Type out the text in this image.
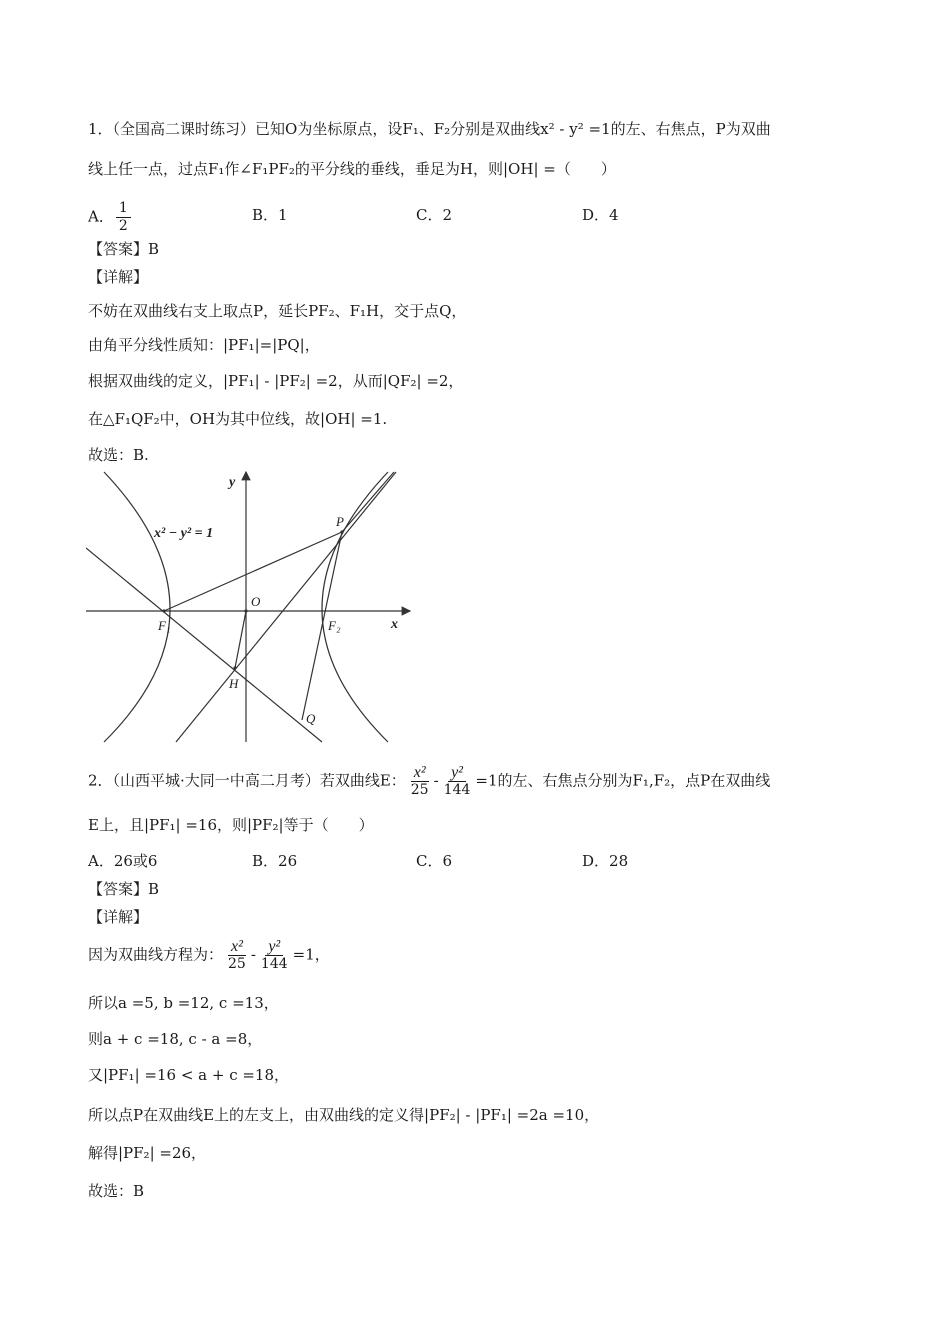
1．（全国高二课时练习）已知O为坐标原点，设F₁、F₂分别是双曲线x² - y² =1的左、右焦点，P为双曲
线上任一点，过点F₁作∠F₁PF₂的平分线的垂线，垂足为H，则|OH| =（　　）
A． $\frac{1}{2}$	B．1	C．2	D．4
【答案】B
【详解】
不妨在双曲线右支上取点P，延长PF₂、F₁H，交于点Q，
由角平分线性质知：|PF₁|=|PQ|，
根据双曲线的定义，|PF₁| - |PF₂| =2，从而|QF₂| =2，
在△F₁QF₂中，OH为其中位线，故|OH| =1.
故选：B.
x² − y² = 1
y
x
O
P
F₁	F₂
H
Q
2．（山西平城·大同一中高二月考）若双曲线E： $\frac{\text{x²}}{25} - \frac{\text{y²}}{144} =1$的左、右焦点分别为F₁,F₂，点P在双曲线
E上，且|PF₁| =16，则|PF₂|等于（　　）
A．26或6	B．26	C．6	D．28
【答案】B
【详解】
因为双曲线方程为： $\frac{\text{x²}}{25} - \frac{\text{y²}}{144} =1$，
所以a =5, b =12, c =13，
则a + c =18, c - a =8，
又|PF₁| =16 < a + c =18，
所以点P在双曲线E上的左支上，由双曲线的定义得|PF₂| - |PF₁| =2a =10，
解得|PF₂| =26，
故选：B
